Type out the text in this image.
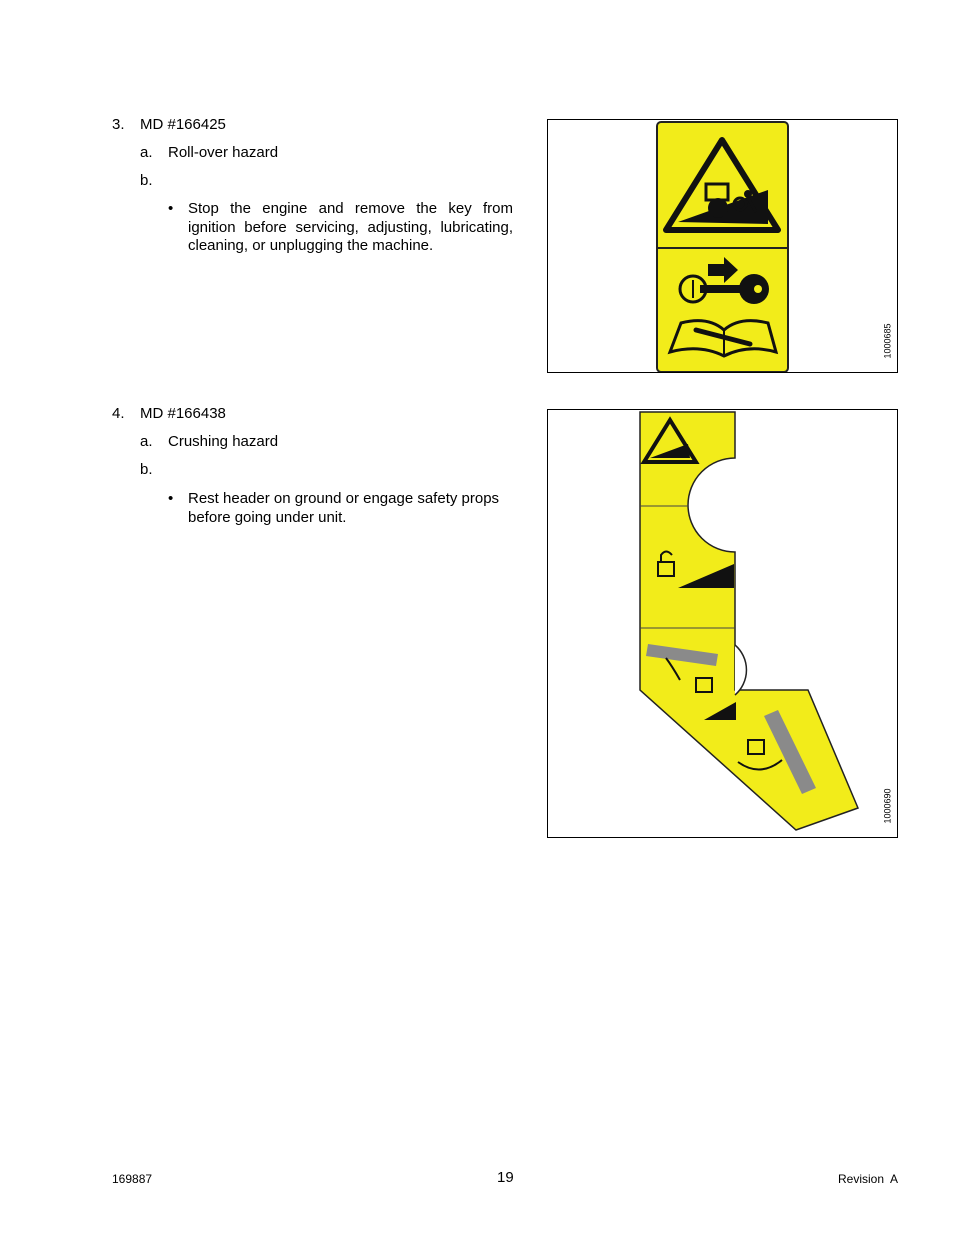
3. MD #166425
a. Roll-over hazard
b.
• Stop the engine and remove the key from ignition before servicing, adjusting, lubricating, cleaning, or unplugging the machine.
1000685
4. MD #166438
a. Crushing hazard
b.
• Rest header on ground or engage safety props before going under unit.
1000690
169887	19	Revision  A
